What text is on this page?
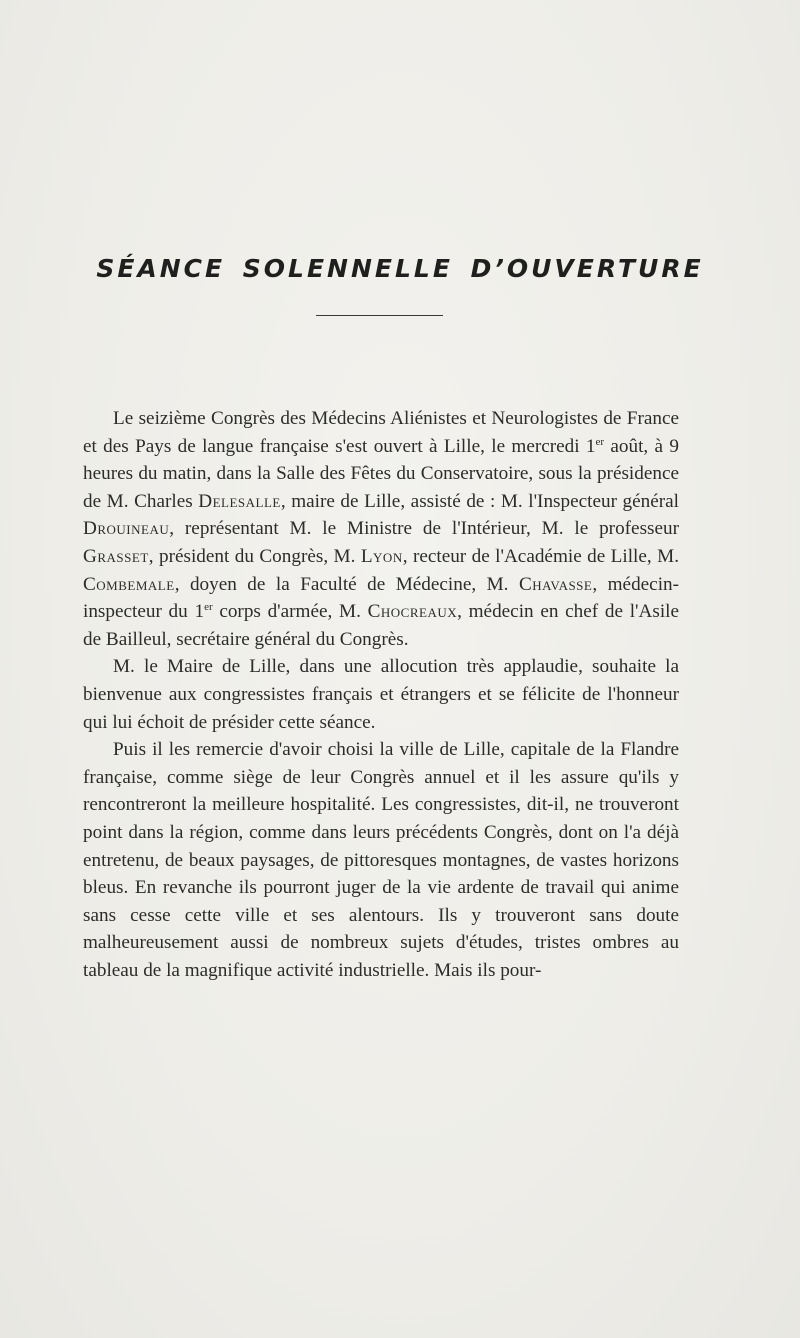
SÉANCE SOLENNELLE D’OUVERTURE

Le seizième Congrès des Médecins Aliénistes et Neurologistes de France et des Pays de langue française s'est ouvert à Lille, le mercredi 1er août, à 9 heures du matin, dans la Salle des Fêtes du Conservatoire, sous la présidence de M. Charles Delesalle, maire de Lille, assisté de : M. l'Inspecteur général Drouineau, représentant M. le Ministre de l'Intérieur, M. le professeur Grasset, président du Congrès, M. Lyon, recteur de l'Académie de Lille, M. Combemale, doyen de la Faculté de Médecine, M. Chavasse, médecin-inspecteur du 1er corps d'armée, M. Chocreaux, médecin en chef de l'Asile de Bailleul, secrétaire général du Congrès.

M. le Maire de Lille, dans une allocution très applaudie, souhaite la bienvenue aux congressistes français et étrangers et se félicite de l'honneur qui lui échoit de présider cette séance.

Puis il les remercie d'avoir choisi la ville de Lille, capitale de la Flandre française, comme siège de leur Congrès annuel et il les assure qu'ils y rencontreront la meilleure hospitalité. Les congressistes, dit-il, ne trouveront point dans la région, comme dans leurs précédents Congrès, dont on l'a déjà entretenu, de beaux paysages, de pittoresques montagnes, de vastes horizons bleus. En revanche ils pourront juger de la vie ardente de travail qui anime sans cesse cette ville et ses alentours. Ils y trouveront sans doute malheureusement aussi de nombreux sujets d'études, tristes ombres au tableau de la magnifique activité industrielle. Mais ils pour-
